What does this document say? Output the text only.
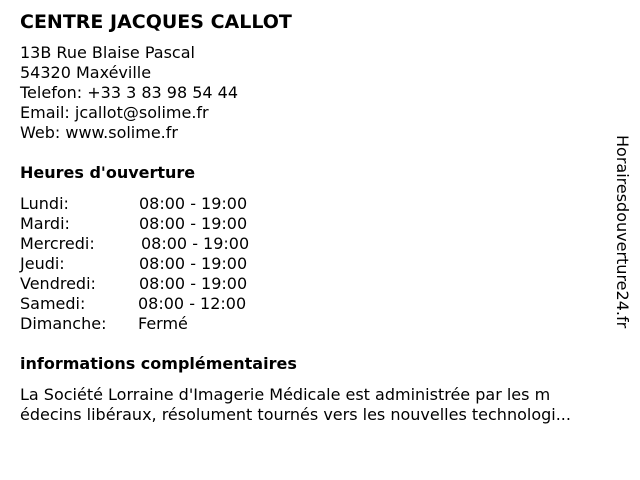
CENTRE JACQUES CALLOT
13B Rue Blaise Pascal
54320 Maxéville
Telefon: +33 3 83 98 54 44
Email: jcallot@solime.fr
Web: www.solime.fr
Heures d'ouverture
Lundi:	08:00 - 19:00
Mardi:	08:00 - 19:00
Mercredi:	08:00 - 19:00
Jeudi:	08:00 - 19:00
Vendredi:	08:00 - 19:00
Samedi:	08:00 - 12:00
Dimanche: Fermé
informations complémentaires
La Société Lorraine d'Imagerie Médicale est administrée par les m
édecins libéraux, résolument tournés vers les nouvelles technologi...
Horairesdouverture24.fr
